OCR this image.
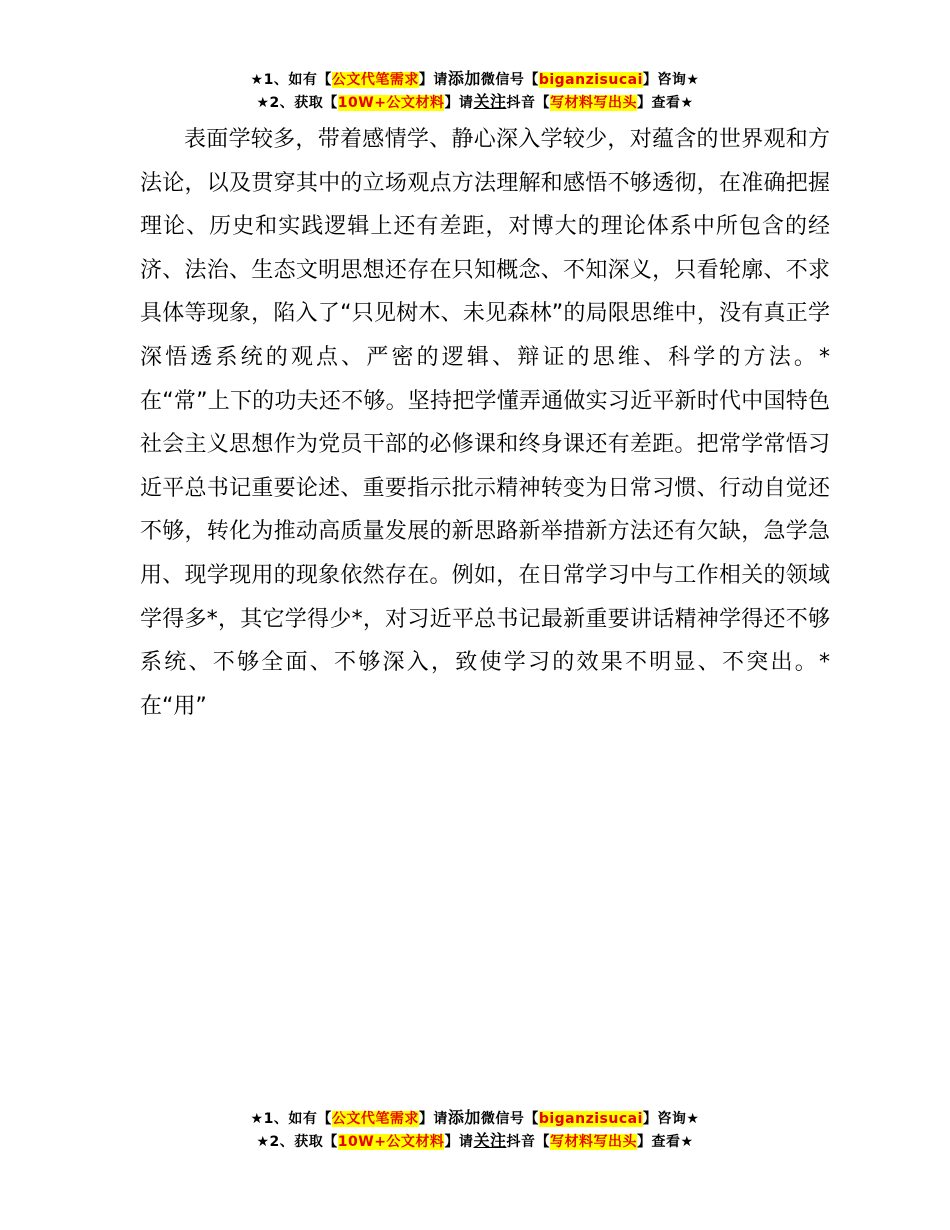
★1、如有【公文代笔需求】请添加微信号【biganzisucai】咨询★
★2、获取【10W+公文材料】请关注抖音【写材料写出头】查看★

表面学较多，带着感情学、静心深入学较少，对蕴含的世界观和方法论，以及贯穿其中的立场观点方法理解和感悟不够透彻，在准确把握理论、历史和实践逻辑上还有差距，对博大的理论体系中所包含的经济、法治、生态文明思想还存在只知概念、不知深义，只看轮廓、不求具体等现象，陷入了“只见树木、未见森林”的局限思维中，没有真正学深悟透系统的观点、严密的逻辑、辩证的思维、科学的方法。*在“常”上下的功夫还不够。坚持把学懂弄通做实习近平新时代中国特色社会主义思想作为党员干部的必修课和终身课还有差距。把常学常悟习近平总书记重要论述、重要指示批示精神转变为日常习惯、行动自觉还不够，转化为推动高质量发展的新思路新举措新方法还有欠缺，急学急用、现学现用的现象依然存在。例如，在日常学习中与工作相关的领域学得多*，其它学得少*，对习近平总书记最新重要讲话精神学得还不够系统、不够全面、不够深入，致使学习的效果不明显、不突出。*在“用”

★1、如有【公文代笔需求】请添加微信号【biganzisucai】咨询★
★2、获取【10W+公文材料】请关注抖音【写材料写出头】查看★
